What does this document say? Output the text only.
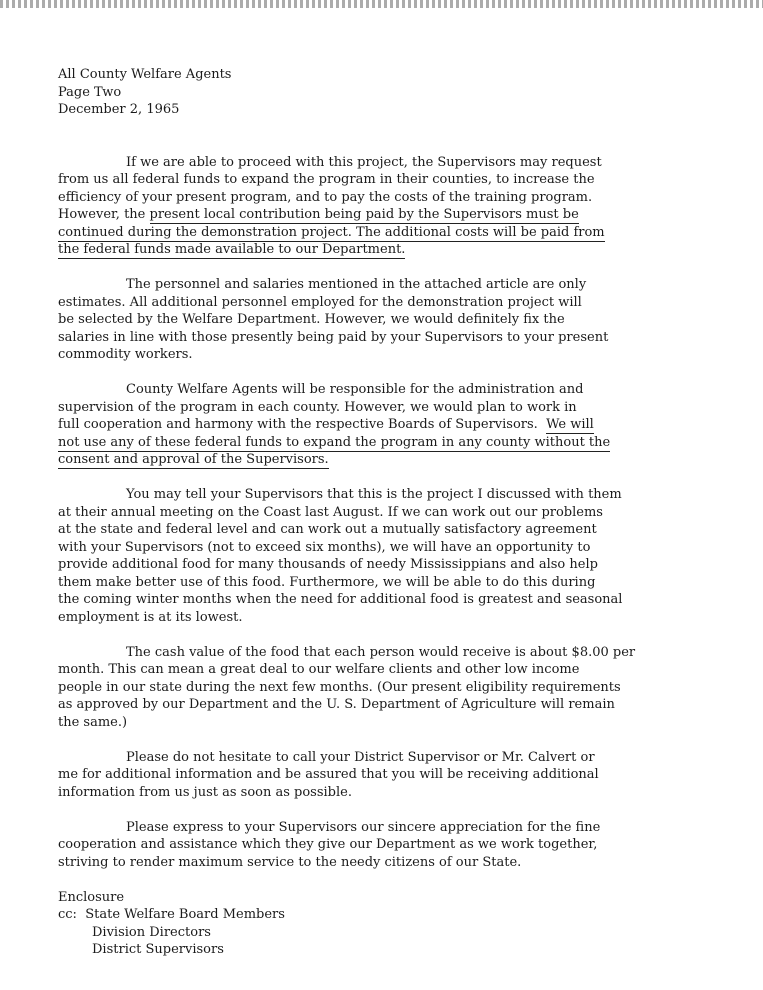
All County Welfare Agents
Page Two
December 2, 1965
If we are able to proceed with this project, the Supervisors may request
from us all federal funds to expand the program in their counties, to increase the
efficiency of your present program, and to pay the costs of the training program.
However, the present local contribution being paid by the Supervisors must be
continued during the demonstration project. The additional costs will be paid from
the federal funds made available to our Department.
The personnel and salaries mentioned in the attached article are only
estimates. All additional personnel employed for the demonstration project will
be selected by the Welfare Department. However, we would definitely fix the
salaries in line with those presently being paid by your Supervisors to your present
commodity workers.
County Welfare Agents will be responsible for the administration and
supervision of the program in each county. However, we would plan to work in
full cooperation and harmony with the respective Boards of Supervisors.  We will
not use any of these federal funds to expand the program in any county without the
consent and approval of the Supervisors.
You may tell your Supervisors that this is the project I discussed with them
at their annual meeting on the Coast last August. If we can work out our problems
at the state and federal level and can work out a mutually satisfactory agreement
with your Supervisors (not to exceed six months), we will have an opportunity to
provide additional food for many thousands of needy Mississippians and also help
them make better use of this food. Furthermore, we will be able to do this during
the coming winter months when the need for additional food is greatest and seasonal
employment is at its lowest.
The cash value of the food that each person would receive is about $8.00 per
month. This can mean a great deal to our welfare clients and other low income
people in our state during the next few months. (Our present eligibility requirements
as approved by our Department and the U. S. Department of Agriculture will remain
the same.)
Please do not hesitate to call your District Supervisor or Mr. Calvert or
me for additional information and be assured that you will be receiving additional
information from us just as soon as possible.
Please express to your Supervisors our sincere appreciation for the fine
cooperation and assistance which they give our Department as we work together,
striving to render maximum service to the needy citizens of our State.
Enclosure
cc: State Welfare Board Members
Division Directors
District Supervisors
